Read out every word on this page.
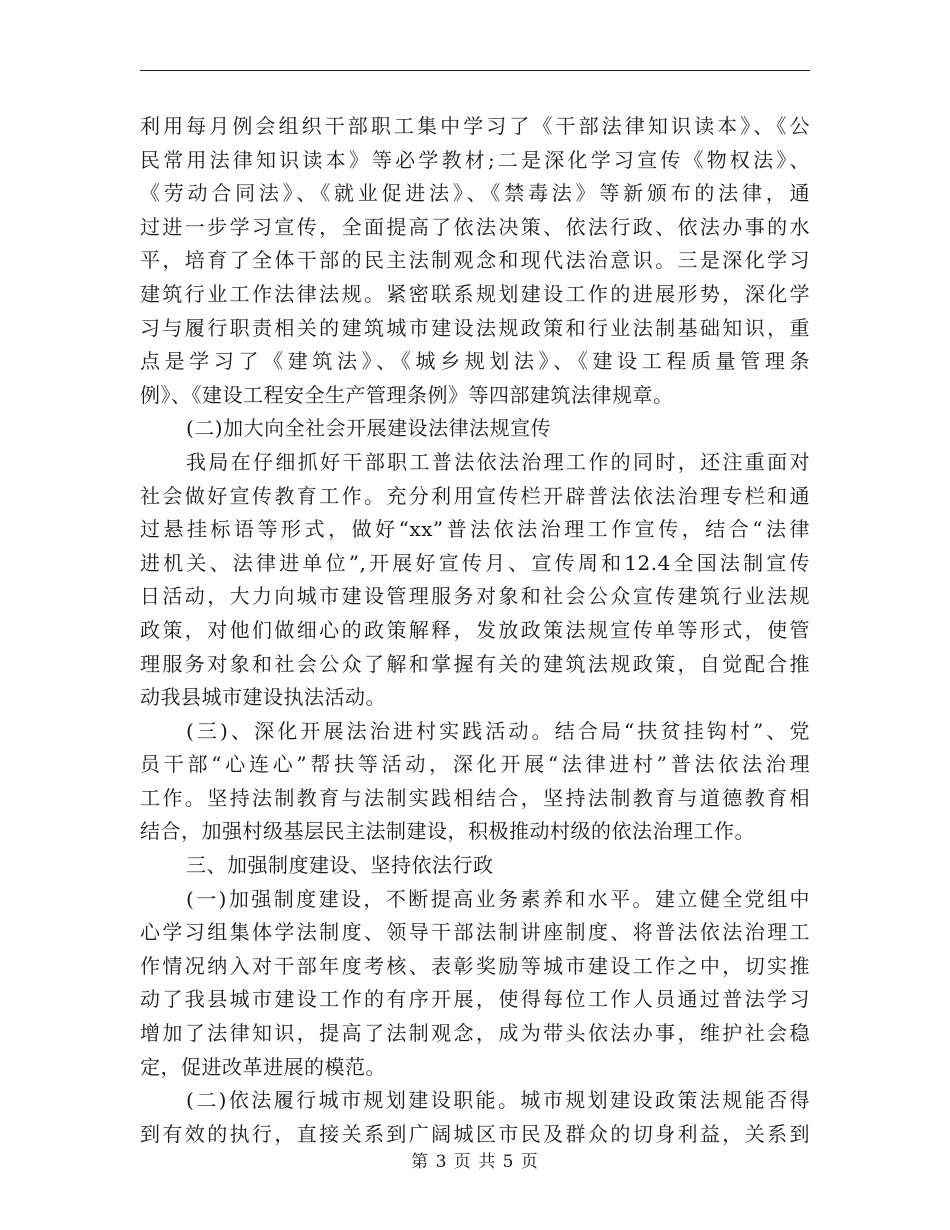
利用每月例会组织干部职工集中学习了《干部法律知识读本》、《公
民常用法律知识读本》等必学教材;二是深化学习宣传《物权法》、
《劳动合同法》、《就业促进法》、《禁毒法》等新颁布的法律，通
过进一步学习宣传，全面提高了依法决策、依法行政、依法办事的水
平，培育了全体干部的民主法制观念和现代法治意识。三是深化学习
建筑行业工作法律法规。紧密联系规划建设工作的进展形势，深化学
习与履行职责相关的建筑城市建设法规政策和行业法制基础知识，重
点是学习了《建筑法》、《城乡规划法》、《建设工程质量管理条
例》、《建设工程安全生产管理条例》等四部建筑法律规章。
(二)加大向全社会开展建设法律法规宣传
我局在仔细抓好干部职工普法依法治理工作的同时，还注重面对
社会做好宣传教育工作。充分利用宣传栏开辟普法依法治理专栏和通
过悬挂标语等形式，做好“xx”普法依法治理工作宣传，结合“法律
进机关、法律进单位”,开展好宣传月、宣传周和12.4全国法制宣传
日活动，大力向城市建设管理服务对象和社会公众宣传建筑行业法规
政策，对他们做细心的政策解释，发放政策法规宣传单等形式，使管
理服务对象和社会公众了解和掌握有关的建筑法规政策，自觉配合推
动我县城市建设执法活动。
(三)、深化开展法治进村实践活动。结合局“扶贫挂钩村”、党
员干部“心连心”帮扶等活动，深化开展“法律进村”普法依法治理
工作。坚持法制教育与法制实践相结合，坚持法制教育与道德教育相
结合，加强村级基层民主法制建设，积极推动村级的依法治理工作。
三、加强制度建设、坚持依法行政
(一)加强制度建设，不断提高业务素养和水平。建立健全党组中
心学习组集体学法制度、领导干部法制讲座制度、将普法依法治理工
作情况纳入对干部年度考核、表彰奖励等城市建设工作之中，切实推
动了我县城市建设工作的有序开展，使得每位工作人员通过普法学习
增加了法律知识，提高了法制观念，成为带头依法办事，维护社会稳
定，促进改革进展的模范。
(二)依法履行城市规划建设职能。城市规划建设政策法规能否得
到有效的执行，直接关系到广阔城区市民及群众的切身利益，关系到
第 3 页 共 5 页
